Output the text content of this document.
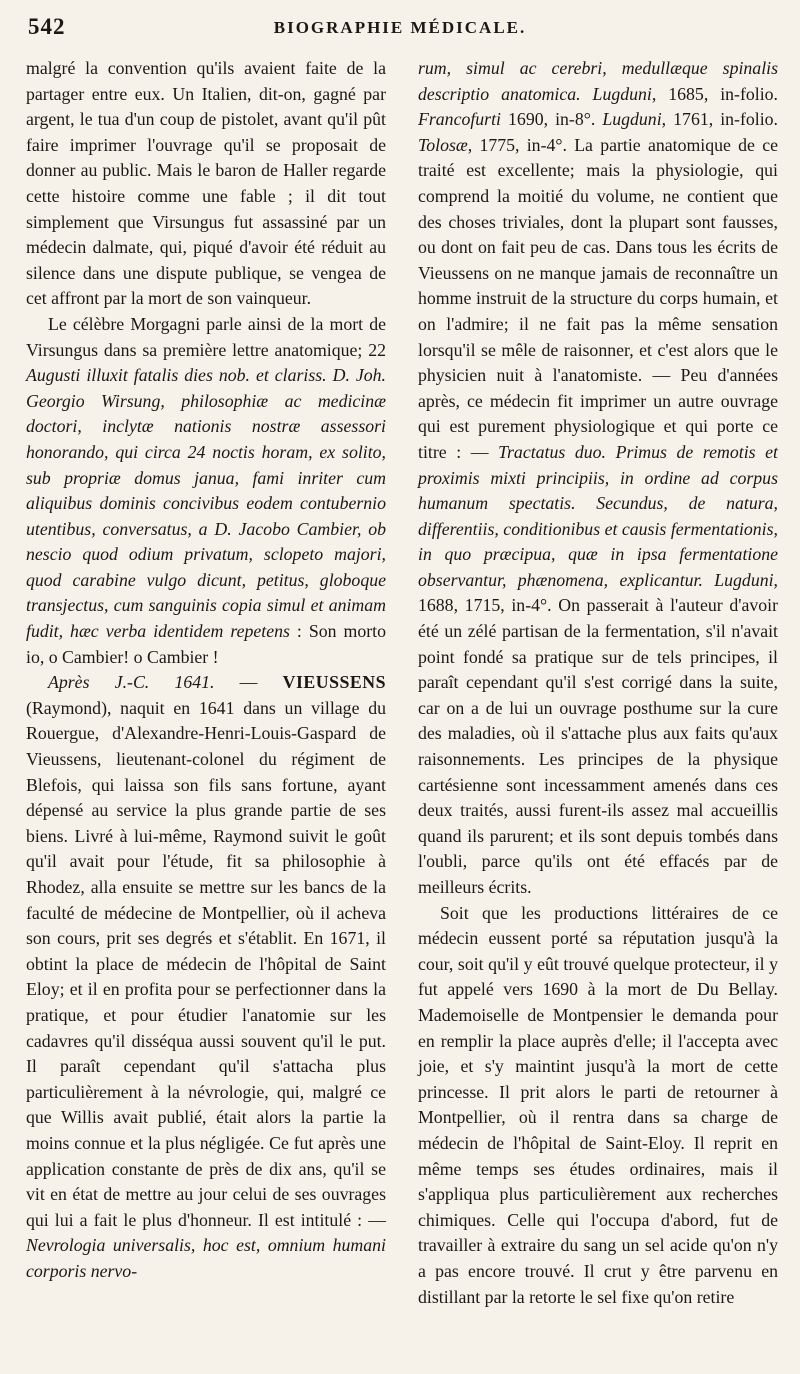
542	BIOGRAPHIE MÉDICALE.

malgré la convention qu'ils avaient faite de la partager entre eux. Un Italien, dit-on, gagné par argent, le tua d'un coup de pistolet, avant qu'il pût faire imprimer l'ouvrage qu'il se proposait de donner au public. Mais le baron de Haller regarde cette histoire comme une fable ; il dit tout simplement que Virsungus fut assassiné par un médecin dalmate, qui, piqué d'avoir été réduit au silence dans une dispute publique, se vengea de cet affront par la mort de son vainqueur.

Le célèbre Morgagni parle ainsi de la mort de Virsungus dans sa première lettre anatomique; 22 Augusti illuxit fatalis dies nob. et clariss. D. Joh. Georgio Wirsung, philosophiæ ac medicinæ doctori, inclytæ nationis nostræ assessori honorando, qui circa 24 noctis horam, ex solito, sub propriæ domus janua, fami inriter cum aliquibus dominis concivibus eodem contubernio utentibus, conversatus, a D. Jacobo Cambier, ob nescio quod odium privatum, sclopeto majori, quod carabine vulgo dicunt, petitus, globoque transjectus, cum sanguinis copia simul et animam fudit, hæc verba identidem repetens : Son morto io, o Cambier! o Cambier !

Après J.-C. 1641. — VIEUSSENS (Raymond), naquit en 1641 dans un village du Rouergue, d'Alexandre-Henri-Louis-Gaspard de Vieussens, lieutenant-colonel du régiment de Blefois, qui laissa son fils sans fortune, ayant dépensé au service la plus grande partie de ses biens. Livré à lui-même, Raymond suivit le goût qu'il avait pour l'étude, fit sa philosophie à Rhodez, alla ensuite se mettre sur les bancs de la faculté de médecine de Montpellier, où il acheva son cours, prit ses degrés et s'établit. En 1671, il obtint la place de médecin de l'hôpital de Saint Eloy; et il en profita pour se perfectionner dans la pratique, et pour étudier l'anatomie sur les cadavres qu'il disséqua aussi souvent qu'il le put. Il paraît cependant qu'il s'attacha plus particulièrement à la névrologie, qui, malgré ce que Willis avait publié, était alors la partie la moins connue et la plus négligée. Ce fut après une application constante de près de dix ans, qu'il se vit en état de mettre au jour celui de ses ouvrages qui lui a fait le plus d'honneur. Il est intitulé : — Nevrologia universalis, hoc est, omnium humani corporis nervo-

rum, simul ac cerebri, medullæque spinalis descriptio anatomica. Lugduni, 1685, in-folio. Francofurti 1690, in-8°. Lugduni, 1761, in-folio. Tolosæ, 1775, in-4°. La partie anatomique de ce traité est excellente; mais la physiologie, qui comprend la moitié du volume, ne contient que des choses triviales, dont la plupart sont fausses, ou dont on fait peu de cas. Dans tous les écrits de Vieussens on ne manque jamais de reconnaître un homme instruit de la structure du corps humain, et on l'admire; il ne fait pas la même sensation lorsqu'il se mêle de raisonner, et c'est alors que le physicien nuit à l'anatomiste. — Peu d'années après, ce médecin fit imprimer un autre ouvrage qui est purement physiologique et qui porte ce titre : — Tractatus duo. Primus de remotis et proximis mixti principiis, in ordine ad corpus humanum spectatis. Secundus, de natura, differentiis, conditionibus et causis fermentationis, in quo præcipua, quæ in ipsa fermentatione observantur, phænomena, explicantur. Lugduni, 1688, 1715, in-4°. On passerait à l'auteur d'avoir été un zélé partisan de la fermentation, s'il n'avait point fondé sa pratique sur de tels principes, il paraît cependant qu'il s'est corrigé dans la suite, car on a de lui un ouvrage posthume sur la cure des maladies, où il s'attache plus aux faits qu'aux raisonnements. Les principes de la physique cartésienne sont incessamment amenés dans ces deux traités, aussi furent-ils assez mal accueillis quand ils parurent; et ils sont depuis tombés dans l'oubli, parce qu'ils ont été effacés par de meilleurs écrits.

Soit que les productions littéraires de ce médecin eussent porté sa réputation jusqu'à la cour, soit qu'il y eût trouvé quelque protecteur, il y fut appelé vers 1690 à la mort de Du Bellay. Mademoiselle de Montpensier le demanda pour en remplir la place auprès d'elle; il l'accepta avec joie, et s'y maintint jusqu'à la mort de cette princesse. Il prit alors le parti de retourner à Montpellier, où il rentra dans sa charge de médecin de l'hôpital de Saint-Eloy. Il reprit en même temps ses études ordinaires, mais il s'appliqua plus particulièrement aux recherches chimiques. Celle qui l'occupa d'abord, fut de travailler à extraire du sang un sel acide qu'on n'y a pas encore trouvé. Il crut y être parvenu en distillant par la retorte le sel fixe qu'on retire
